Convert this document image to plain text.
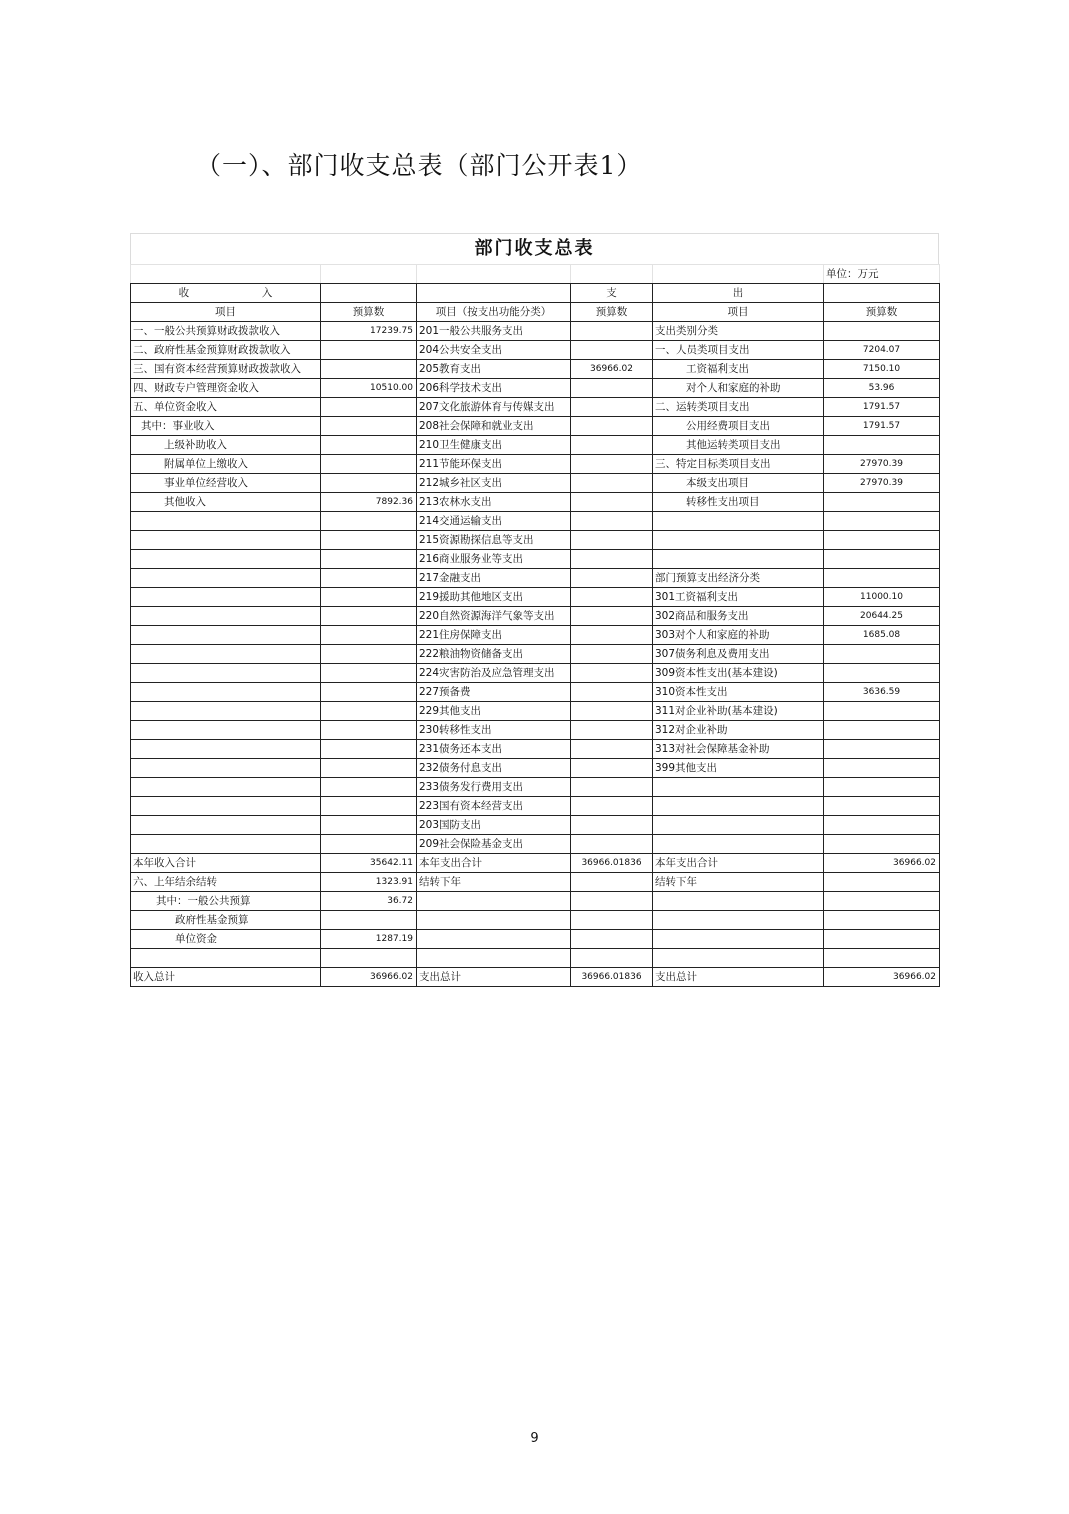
（一）、部门收支总表（部门公开表1）
部门收支总表
					单位：万元
收 入			支	出	
项目	预算数	项目（按支出功能分类）	预算数	项目	预算数
一、一般公共预算财政拨款收入	17239.75	201一般公共服务支出		支出类别分类	
二、政府性基金预算财政拨款收入		204公共安全支出		一、人员类项目支出	7204.07
三、国有资本经营预算财政拨款收入		205教育支出	36966.02	工资福利支出	7150.10
四、财政专户管理资金收入	10510.00	206科学技术支出		对个人和家庭的补助	53.96
五、单位资金收入		207文化旅游体育与传媒支出		二、运转类项目支出	1791.57
其中：事业收入		208社会保障和就业支出		公用经费项目支出	1791.57
上级补助收入		210卫生健康支出		其他运转类项目支出	
附属单位上缴收入		211节能环保支出		三、特定目标类项目支出	27970.39
事业单位经营收入		212城乡社区支出		本级支出项目	27970.39
其他收入	7892.36	213农林水支出		转移性支出项目	
		214交通运输支出			
		215资源勘探信息等支出			
		216商业服务业等支出			
		217金融支出		部门预算支出经济分类	
		219援助其他地区支出		301工资福利支出	11000.10
		220自然资源海洋气象等支出		302商品和服务支出	20644.25
		221住房保障支出		303对个人和家庭的补助	1685.08
		222粮油物资储备支出		307债务利息及费用支出	
		224灾害防治及应急管理支出		309资本性支出(基本建设)	
		227预备费		310资本性支出	3636.59
		229其他支出		311对企业补助(基本建设)	
		230转移性支出		312对企业补助	
		231债务还本支出		313对社会保障基金补助	
		232债务付息支出		399其他支出	
		233债务发行费用支出			
		223国有资本经营支出			
		203国防支出			
		209社会保险基金支出			
本年收入合计	35642.11	本年支出合计	36966.01836	本年支出合计	36966.02
六、上年结余结转	1323.91	结转下年		结转下年	
其中：一般公共预算	36.72				
政府性基金预算					
单位资金	1287.19				

收入总计	36966.02	支出总计	36966.01836	支出总计	36966.02
9
